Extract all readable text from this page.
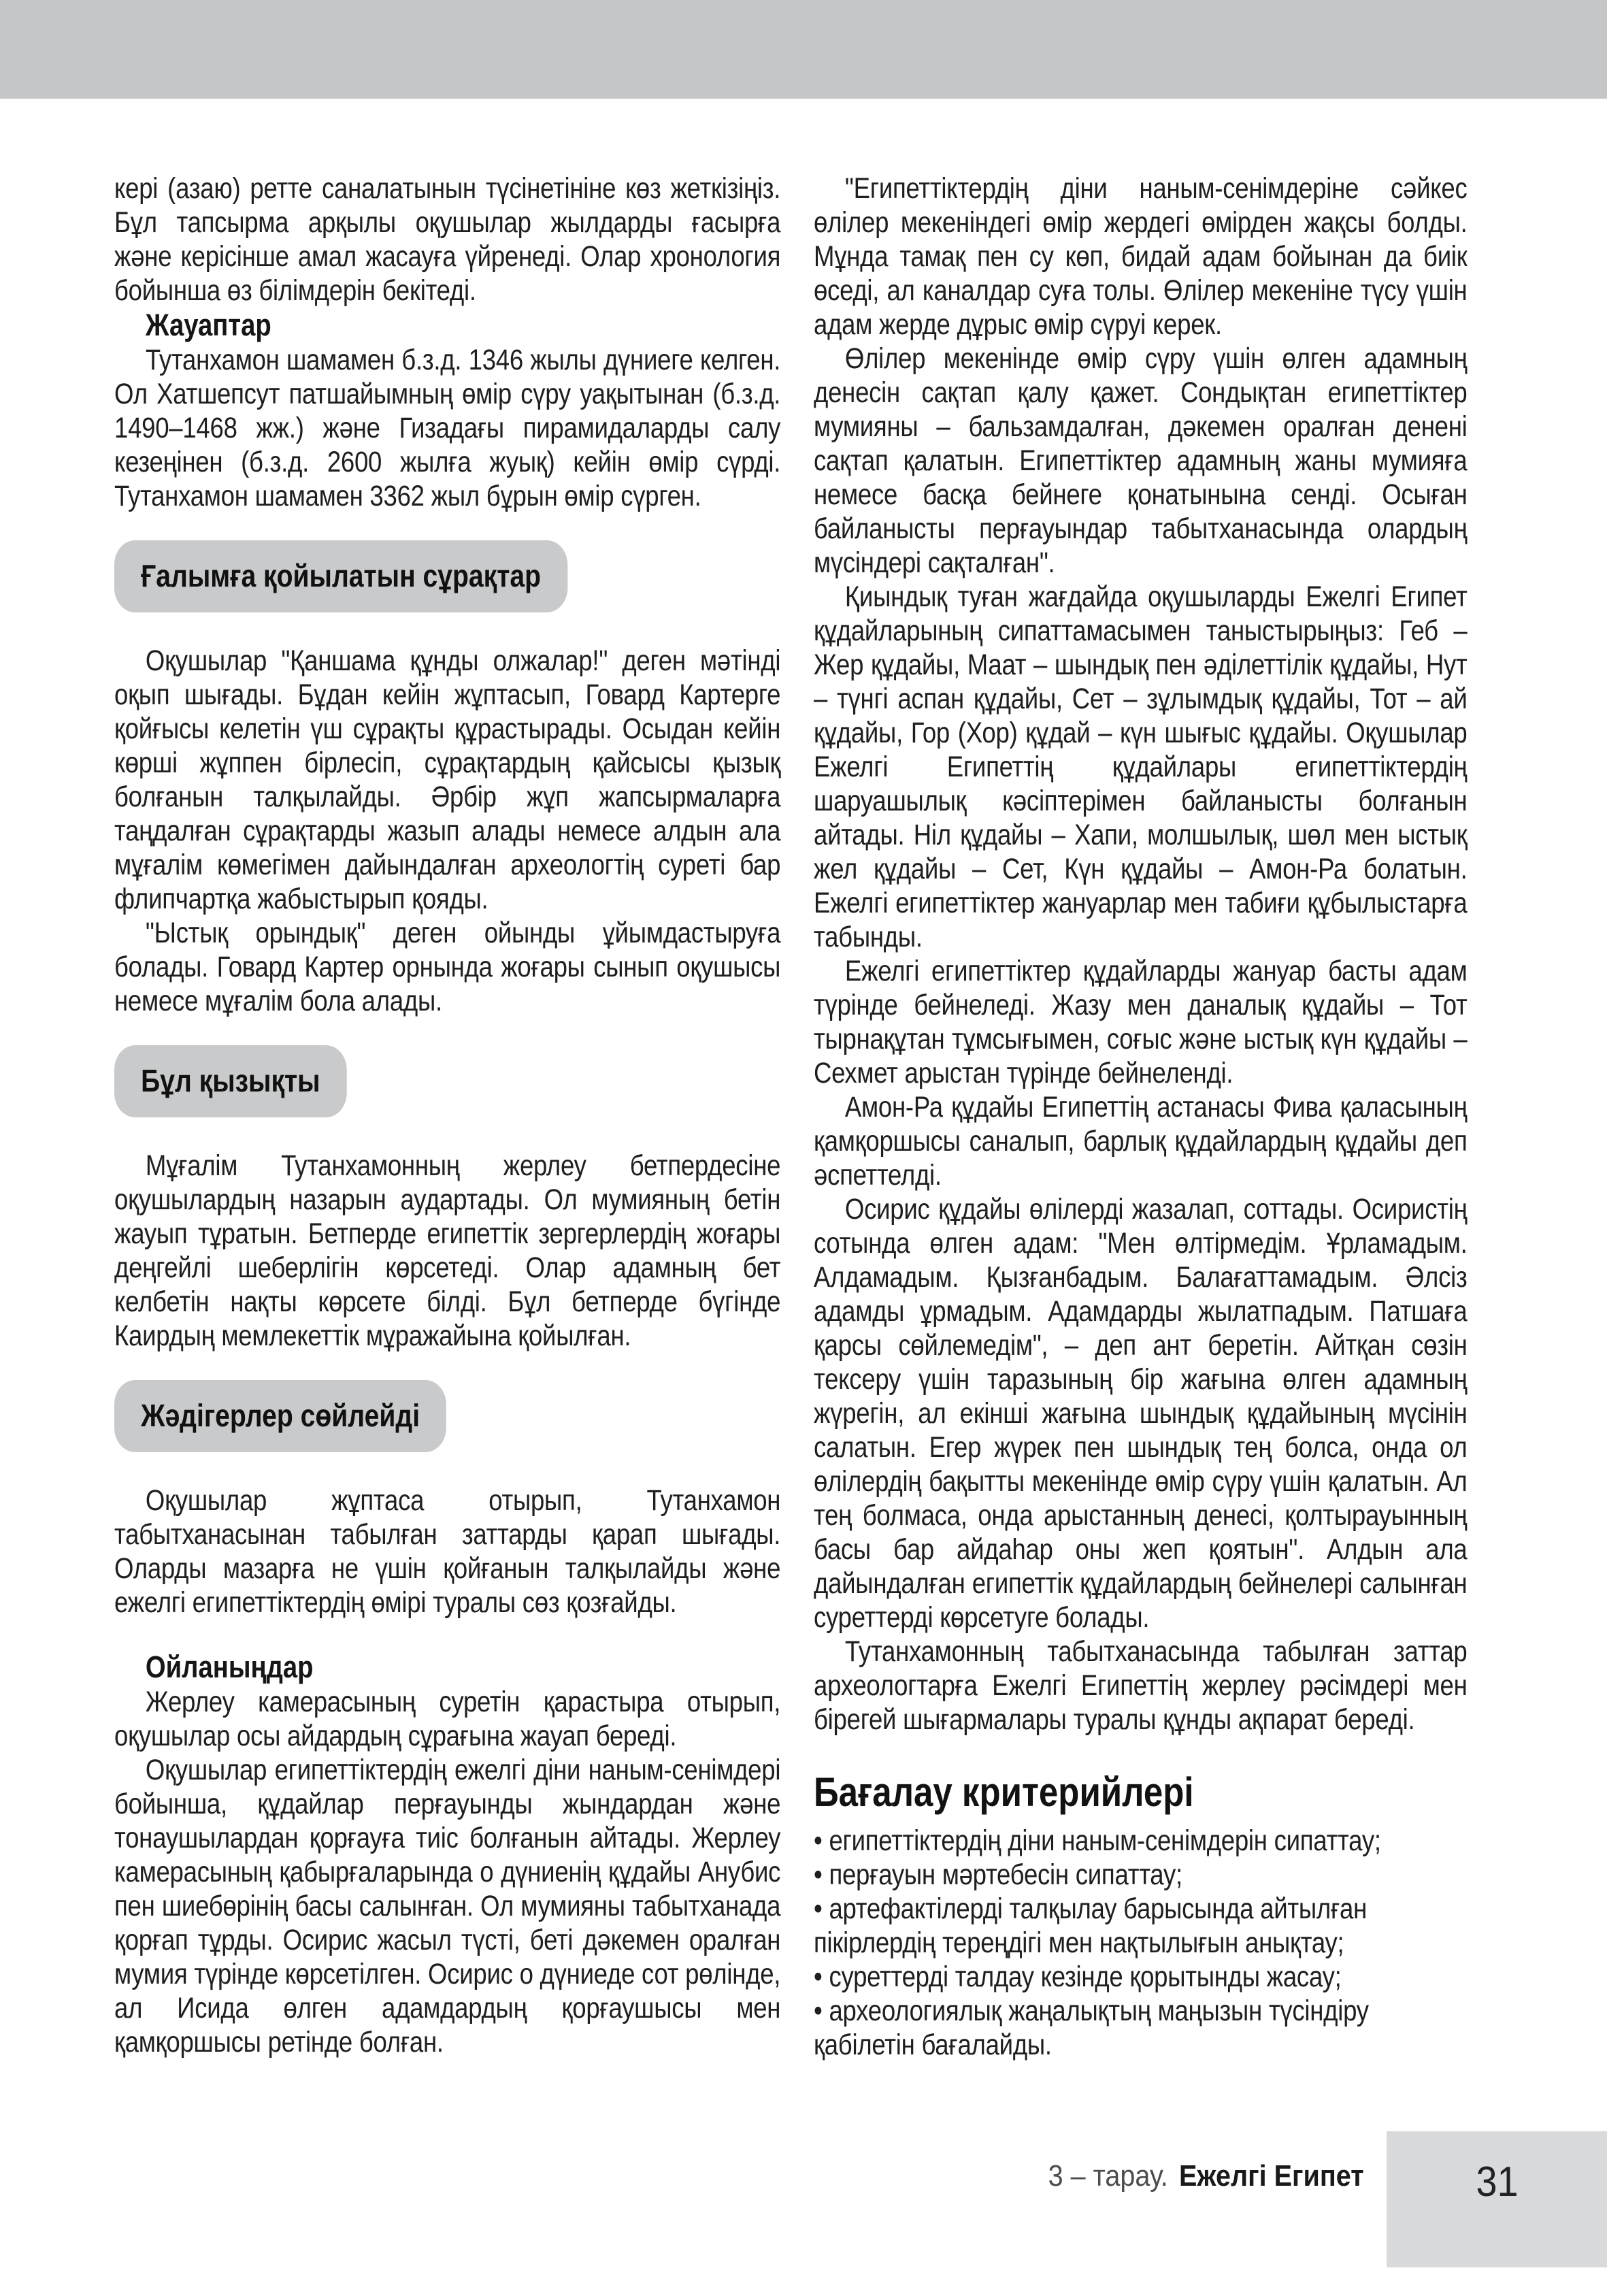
кері (азаю) ретте саналатынын түсінетініне көз жеткізіңіз. Бұл тапсырма арқылы оқушылар жылдарды ғасырға және керісінше амал жасауға үйренеді. Олар хронология бойынша өз білімдерін бекітеді.

Жауаптар

Тутанхамон шамамен б.з.д. 1346 жылы дүниеге келген. Ол Хатшепсут патшайымның өмір сүру уақытынан (б.з.д. 1490–1468 жж.) және Гизадағы пирамидаларды салу кезеңінен (б.з.д. 2600 жылға жуық) кейін өмір сүрді. Тутанхамон шамамен 3362 жыл бұрын өмір сүрген.

Ғалымға қойылатын сұрақтар

Оқушылар "Қаншама құнды олжалар!" деген мәтінді оқып шығады. Бұдан кейін жұптасып, Говард Картерге қойғысы келетін үш сұрақты құрастырады. Осыдан кейін көрші жұппен бірлесіп, сұрақтардың қайсысы қызық болғанын талқылайды. Әрбір жұп жапсырмаларға таңдалған сұрақтарды жазып алады немесе алдын ала мұғалім көмегімен дайындалған археологтің суреті бар флипчартқа жабыстырып қояды.

"Ыстық орындық" деген ойынды ұйымдастыруға болады. Говард Картер орнында жоғары сынып оқушысы немесе мұғалім бола алады.

Бұл қызықты

Мұғалім Тутанхамонның жерлеу бетпердесіне оқушылардың назарын аудартады. Ол мумияның бетін жауып тұратын. Бетперде египеттік зергерлердің жоғары деңгейлі шеберлігін көрсетеді. Олар адамның бет келбетін нақты көрсете білді. Бұл бетперде бүгінде Каирдың мемлекеттік мұражайына қойылған.

Жәдігерлер сөйлейді

Оқушылар жұптаса отырып, Тутанхамон табытханасынан табылған заттарды қарап шығады. Оларды мазарға не үшін қойғанын талқылайды және ежелгі египеттіктердің өмірі туралы сөз қозғайды.

Ойланыңдар

Жерлеу камерасының суретін қарастыра отырып, оқушылар осы айдардың сұрағына жауап береді.

Оқушылар египеттіктердің ежелгі діни наным-сенімдері бойынша, құдайлар перғауынды жындардан және тонаушылардан қорғауға тиіс болғанын айтады. Жерлеу камерасының қабырғаларында о дүниенің құдайы Анубис пен шиебөрінің басы салынған. Ол мумияны табытханада қорғап тұрды. Осирис жасыл түсті, беті дәкемен оралған мумия түрінде көрсетілген. Осирис о дүниеде сот рөлінде, ал Исида өлген адамдардың қорғаушысы мен қамқоршысы ретінде болған.

"Египеттіктердің діни наным-сенімдеріне сәйкес өлілер мекеніндегі өмір жердегі өмірден жақсы болды. Мұнда тамақ пен су көп, бидай адам бойынан да биік өседі, ал каналдар суға толы. Өлілер мекеніне түсу үшін адам жерде дұрыс өмір сүруі керек.

Өлілер мекенінде өмір сүру үшін өлген адамның денесін сақтап қалу қажет. Сондықтан египеттіктер мумияны – бальзамдалған, дәкемен оралған денені сақтап қалатын. Египеттіктер адамның жаны мумияға немесе басқа бейнеге қонатынына сенді. Осыған байланысты перғауындар табытханасында олардың мүсіндері сақталған".

Қиындық туған жағдайда оқушыларды Ежелгі Египет құдайларының сипаттамасымен таныстырыңыз: Геб – Жер құдайы, Маат – шындық пен әділеттілік құдайы, Нут – түнгі аспан құдайы, Сет – зұлымдық құдайы, Тот – ай құдайы, Гор (Хор) құдай – күн шығыс құдайы. Оқушылар Ежелгі Египеттің құдайлары египеттіктердің шаруашылық кәсіптерімен байланысты болғанын айтады. Ніл құдайы – Хапи, молшылық, шөл мен ыстық жел құдайы – Сет, Күн құдайы – Амон-Ра болатын. Ежелгі египеттіктер жануарлар мен табиғи құбылыстарға табынды.

Ежелгі египеттіктер құдайларды жануар басты адам түрінде бейнеледі. Жазу мен даналық құдайы – Тот тырнақұтан тұмсығымен, соғыс және ыстық күн құдайы – Сехмет арыстан түрінде бейнеленді.

Амон-Ра құдайы Египеттің астанасы Фива қаласының қамқоршысы саналып, барлық құдайлардың құдайы деп әспеттелді.

Осирис құдайы өлілерді жазалап, соттады. Осиристің сотында өлген адам: "Мен өлтірмедім. Ұрламадым. Алдамадым. Қызғанбадым. Балағаттамадым. Әлсіз адамды ұрмадым. Адамдарды жылатпадым. Патшаға қарсы сөйлемедім", – деп ант беретін. Айтқан сөзін тексеру үшін таразының бір жағына өлген адамның жүрегін, ал екінші жағына шындық құдайының мүсінін салатын. Егер жүрек пен шындық тең болса, онда ол өлілердің бақытты мекенінде өмір сүру үшін қалатын. Ал тең болмаса, онда арыстанның денесі, қолтырауынның басы бар айдаһар оны жеп қоятын". Алдын ала дайындалған египеттік құдайлардың бейнелері салынған суреттерді көрсетуге болады.

Тутанхамонның табытханасында табылған заттар археологтарға Ежелгі Египеттің жерлеу рәсімдері мен бірегей шығармалары туралы құнды ақпарат береді.

Бағалау критерийлері

• египеттіктердің діни наным-сенімдерін сипаттау;

• перғауын мәртебесін сипаттау;

• артефактілерді талқылау барысында айтылған пікірлердің тереңдігі мен нақтылығын анықтау;

• суреттерді талдау кезінде қорытынды жасау;

• археологиялық жаңалықтың маңызын түсіндіру қабілетін бағалайды.

3 – тарау. Ежелгі Египет	31
